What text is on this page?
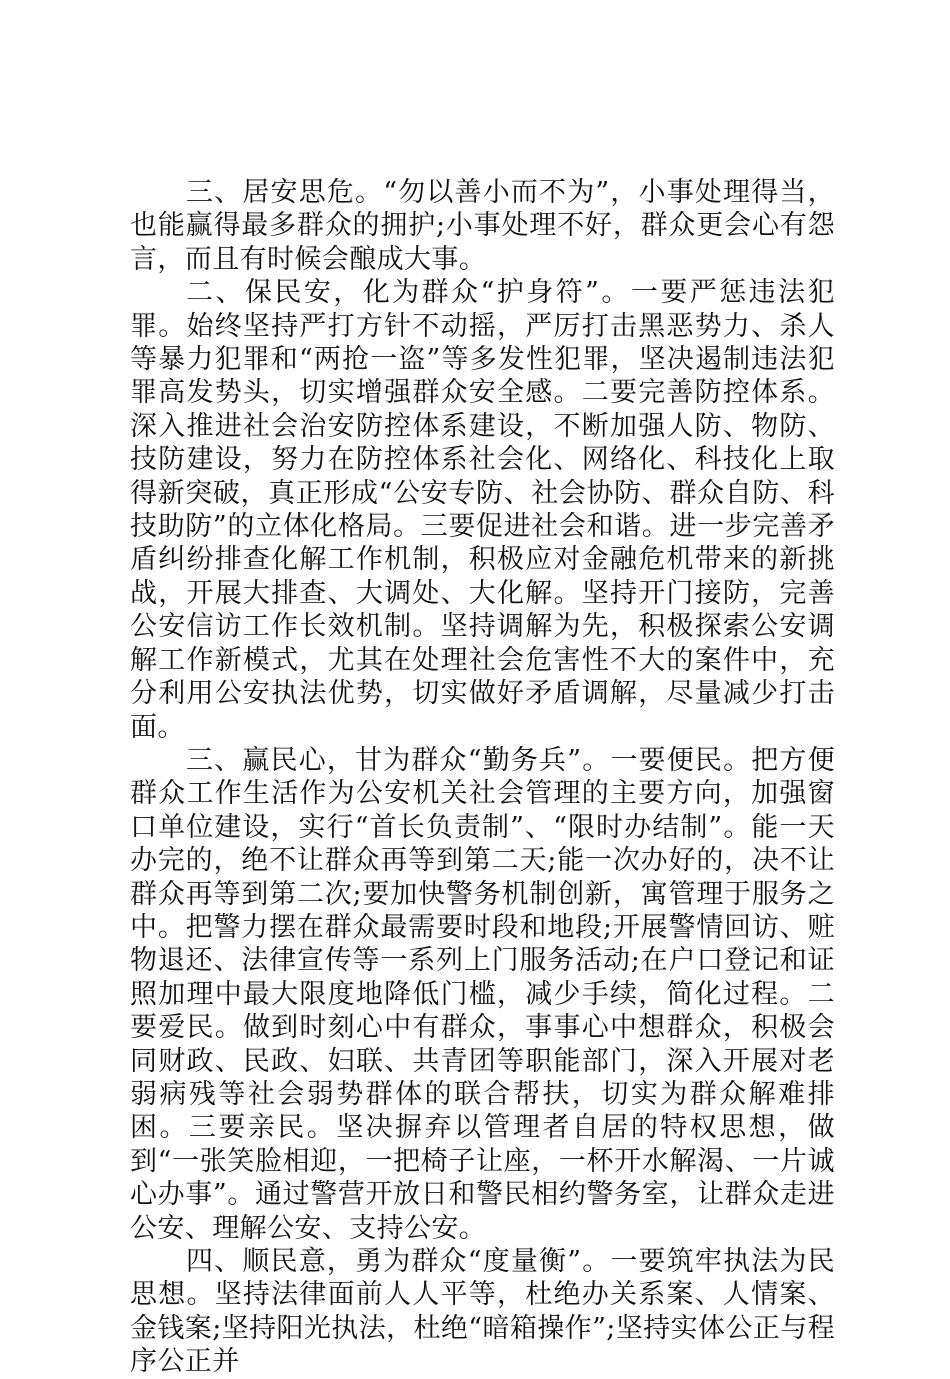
三、居安思危。“勿以善小而不为”，小事处理得当，也能赢得最多群众的拥护;小事处理不好，群众更会心有怨言，而且有时候会酿成大事。

二、保民安，化为群众“护身符”。一要严惩违法犯罪。始终坚持严打方针不动摇，严厉打击黑恶势力、杀人等暴力犯罪和“两抢一盗”等多发性犯罪，坚决遏制违法犯罪高发势头，切实增强群众安全感。二要完善防控体系。深入推进社会治安防控体系建设，不断加强人防、物防、技防建设，努力在防控体系社会化、网络化、科技化上取得新突破，真正形成“公安专防、社会协防、群众自防、科技助防”的立体化格局。三要促进社会和谐。进一步完善矛盾纠纷排查化解工作机制，积极应对金融危机带来的新挑战，开展大排查、大调处、大化解。坚持开门接防，完善公安信访工作长效机制。坚持调解为先，积极探索公安调解工作新模式，尤其在处理社会危害性不大的案件中，充分利用公安执法优势，切实做好矛盾调解，尽量减少打击面。

三、赢民心，甘为群众“勤务兵”。一要便民。把方便群众工作生活作为公安机关社会管理的主要方向，加强窗口单位建设，实行“首长负责制”、“限时办结制”。能一天办完的，绝不让群众再等到第二天;能一次办好的，决不让群众再等到第二次;要加快警务机制创新，寓管理于服务之中。把警力摆在群众最需要时段和地段;开展警情回访、赃物退还、法律宣传等一系列上门服务活动;在户口登记和证照加理中最大限度地降低门槛，减少手续，简化过程。二要爱民。做到时刻心中有群众，事事心中想群众，积极会同财政、民政、妇联、共青团等职能部门，深入开展对老弱病残等社会弱势群体的联合帮扶，切实为群众解难排困。三要亲民。坚决摒弃以管理者自居的特权思想，做到“一张笑脸相迎，一把椅子让座，一杯开水解渴、一片诚心办事”。通过警营开放日和警民相约警务室，让群众走进公安、理解公安、支持公安。

四、顺民意，勇为群众“度量衡”。一要筑牢执法为民思想。坚持法律面前人人平等，杜绝办关系案、人情案、金钱案;坚持阳光执法，杜绝“暗箱操作”;坚持实体公正与程序公正并
